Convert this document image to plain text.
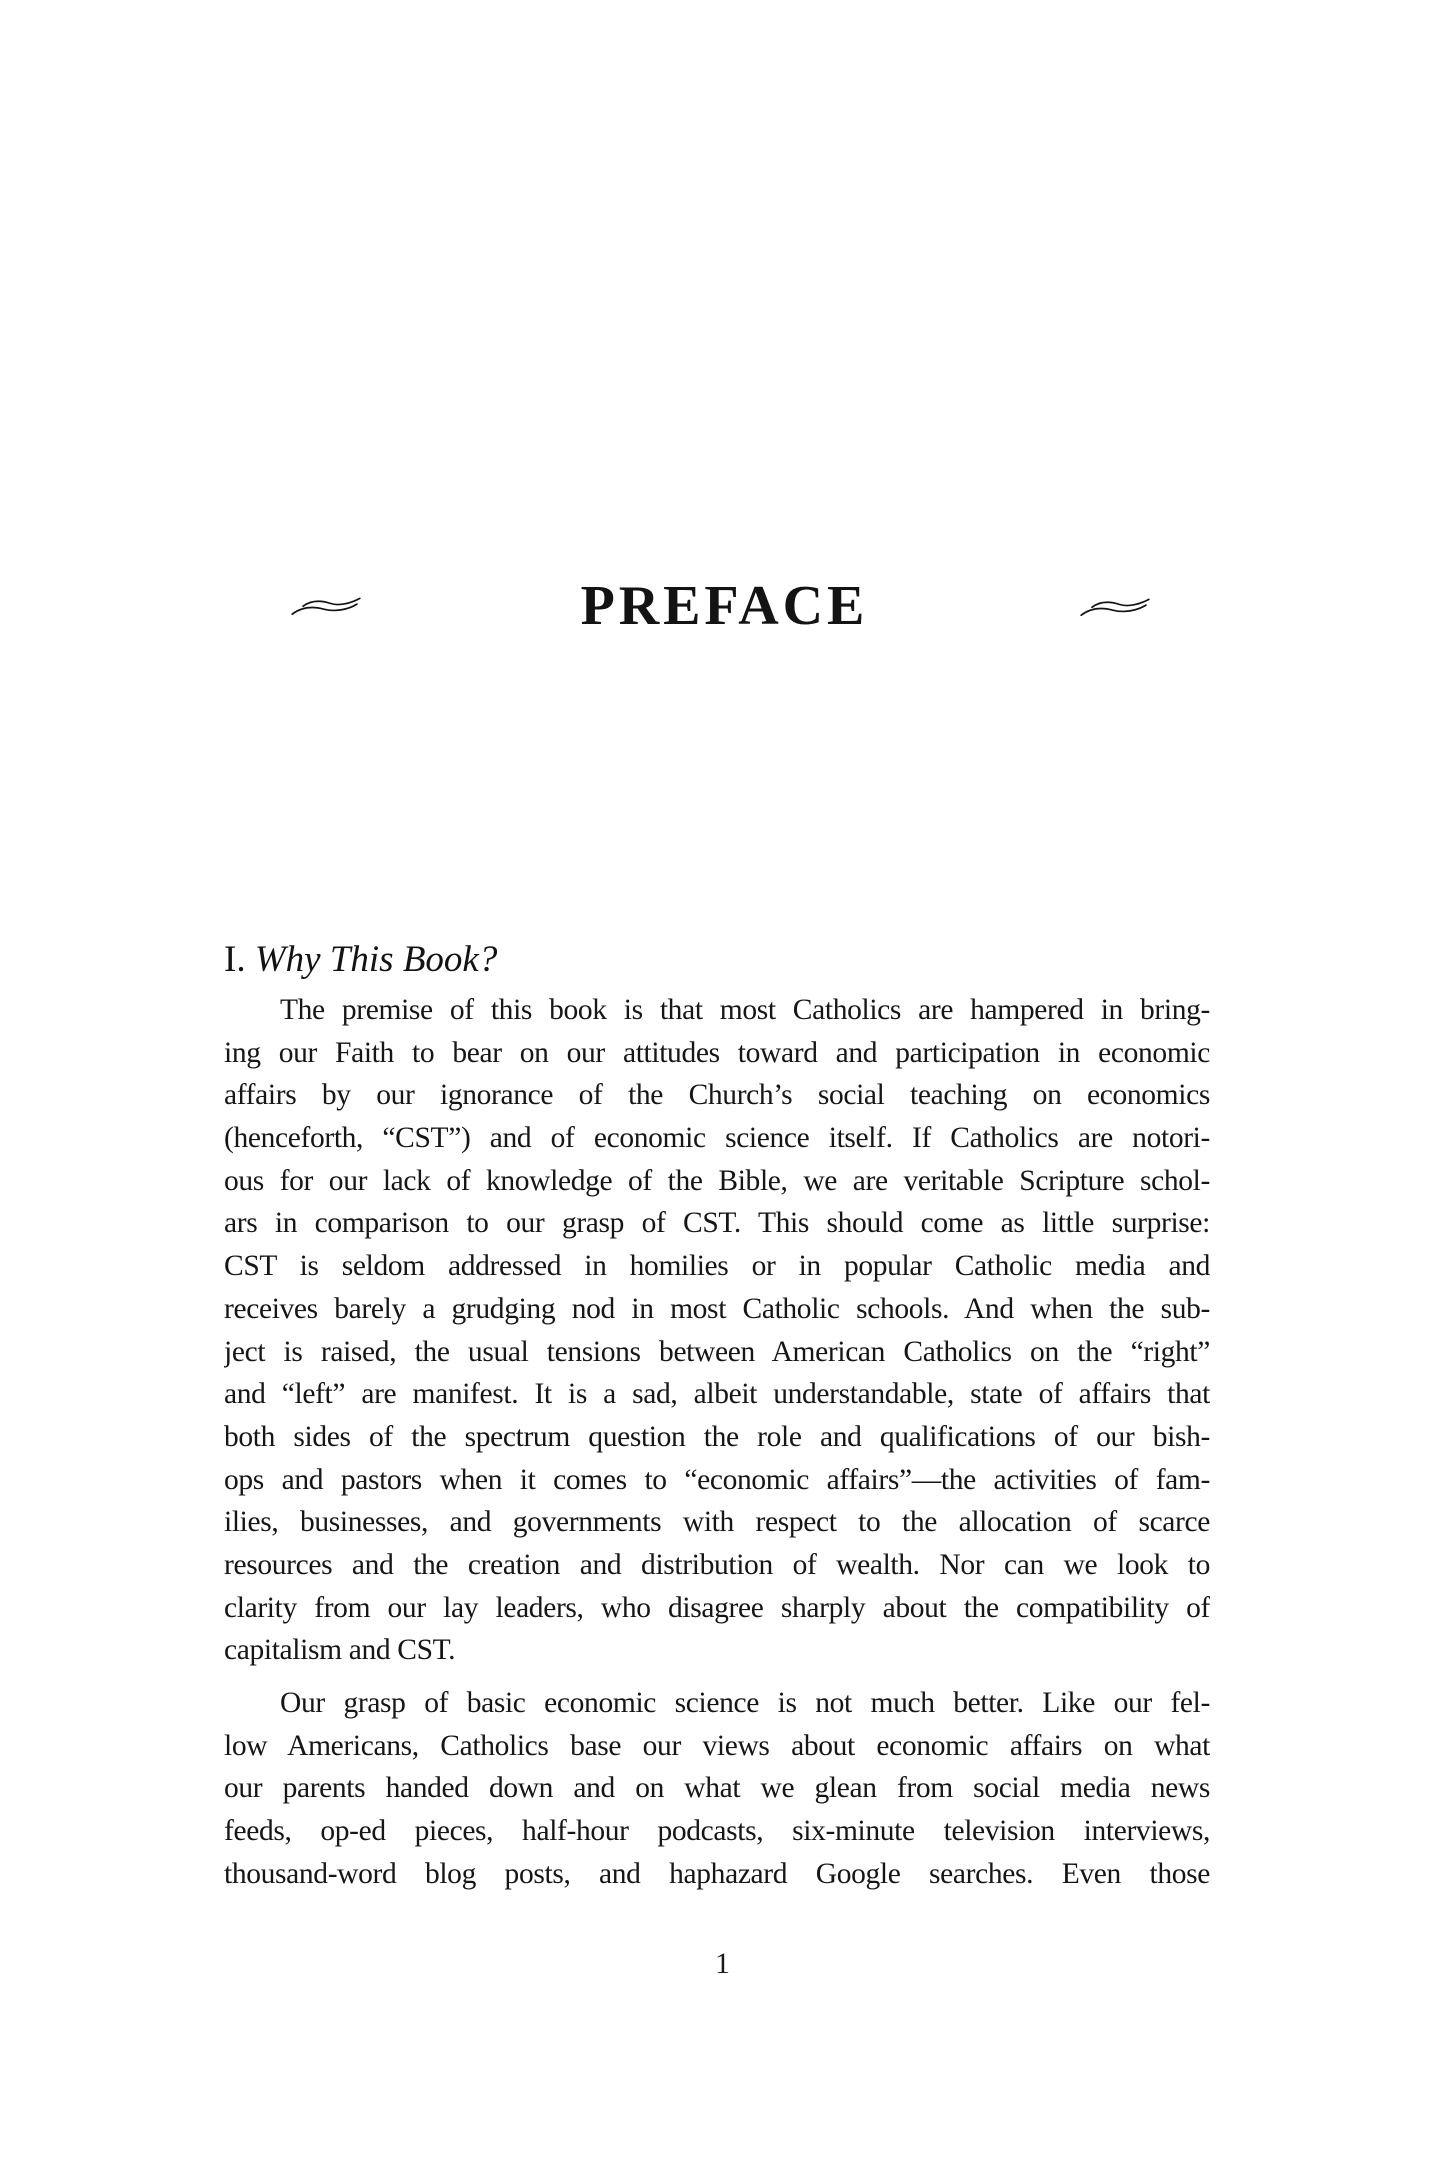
PREFACE
I. Why This Book?
The premise of this book is that most Catholics are hampered in bring-
ing our Faith to bear on our attitudes toward and participation in economic
affairs by our ignorance of the Church’s social teaching on economics
(henceforth, “CST”) and of economic science itself. If Catholics are notori-
ous for our lack of knowledge of the Bible, we are veritable Scripture schol-
ars in comparison to our grasp of CST. This should come as little surprise:
CST is seldom addressed in homilies or in popular Catholic media and
receives barely a grudging nod in most Catholic schools. And when the sub-
ject is raised, the usual tensions between American Catholics on the “right”
and “left” are manifest. It is a sad, albeit understandable, state of affairs that
both sides of the spectrum question the role and qualifications of our bish-
ops and pastors when it comes to “economic affairs”—the activities of fam-
ilies, businesses, and governments with respect to the allocation of scarce
resources and the creation and distribution of wealth. Nor can we look to
clarity from our lay leaders, who disagree sharply about the compatibility of
capitalism and CST.
Our grasp of basic economic science is not much better. Like our fel-
low Americans, Catholics base our views about economic affairs on what
our parents handed down and on what we glean from social media news
feeds, op-ed pieces, half-hour podcasts, six-minute television interviews,
thousand-word blog posts, and haphazard Google searches. Even those
1
